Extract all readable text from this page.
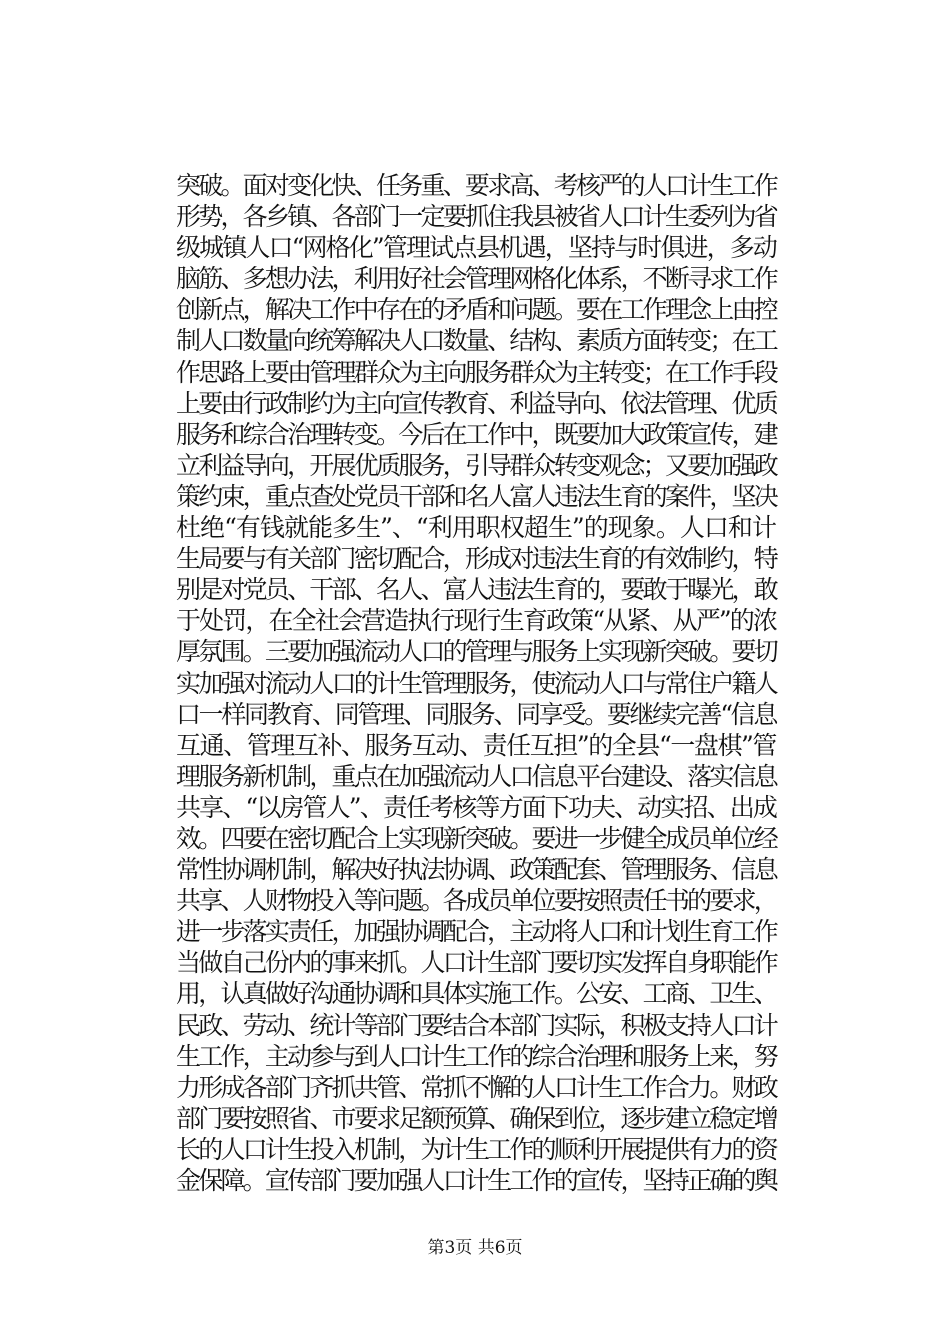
突破。面对变化快、任务重、要求高、考核严的人口计生工作
形势，各乡镇、各部门一定要抓住我县被省人口计生委列为省
级城镇人口“网格化”管理试点县机遇，坚持与时俱进，多动
脑筋、多想办法，利用好社会管理网格化体系，不断寻求工作
创新点，解决工作中存在的矛盾和问题。要在工作理念上由控
制人口数量向统筹解决人口数量、结构、素质方面转变；在工
作思路上要由管理群众为主向服务群众为主转变；在工作手段
上要由行政制约为主向宣传教育、利益导向、依法管理、优质
服务和综合治理转变。今后在工作中，既要加大政策宣传，建
立利益导向，开展优质服务，引导群众转变观念；又要加强政
策约束，重点查处党员干部和名人富人违法生育的案件，坚决
杜绝“有钱就能多生”、“利用职权超生”的现象。人口和计
生局要与有关部门密切配合，形成对违法生育的有效制约，特
别是对党员、干部、名人、富人违法生育的，要敢于曝光，敢
于处罚，在全社会营造执行现行生育政策“从紧、从严”的浓
厚氛围。三要加强流动人口的管理与服务上实现新突破。要切
实加强对流动人口的计生管理服务，使流动人口与常住户籍人
口一样同教育、同管理、同服务、同享受。要继续完善“信息
互通、管理互补、服务互动、责任互担”的全县“一盘棋”管
理服务新机制，重点在加强流动人口信息平台建设、落实信息
共享、“以房管人”、责任考核等方面下功夫、动实招、出成
效。四要在密切配合上实现新突破。要进一步健全成员单位经
常性协调机制，解决好执法协调、政策配套、管理服务、信息
共享、人财物投入等问题。各成员单位要按照责任书的要求，
进一步落实责任，加强协调配合，主动将人口和计划生育工作
当做自己份内的事来抓。人口计生部门要切实发挥自身职能作
用，认真做好沟通协调和具体实施工作。公安、工商、卫生、
民政、劳动、统计等部门要结合本部门实际，积极支持人口计
生工作，主动参与到人口计生工作的综合治理和服务上来，努
力形成各部门齐抓共管、常抓不懈的人口计生工作合力。财政
部门要按照省、市要求足额预算、确保到位，逐步建立稳定增
长的人口计生投入机制，为计生工作的顺利开展提供有力的资
金保障。宣传部门要加强人口计生工作的宣传，坚持正确的舆
第3页 共6页
